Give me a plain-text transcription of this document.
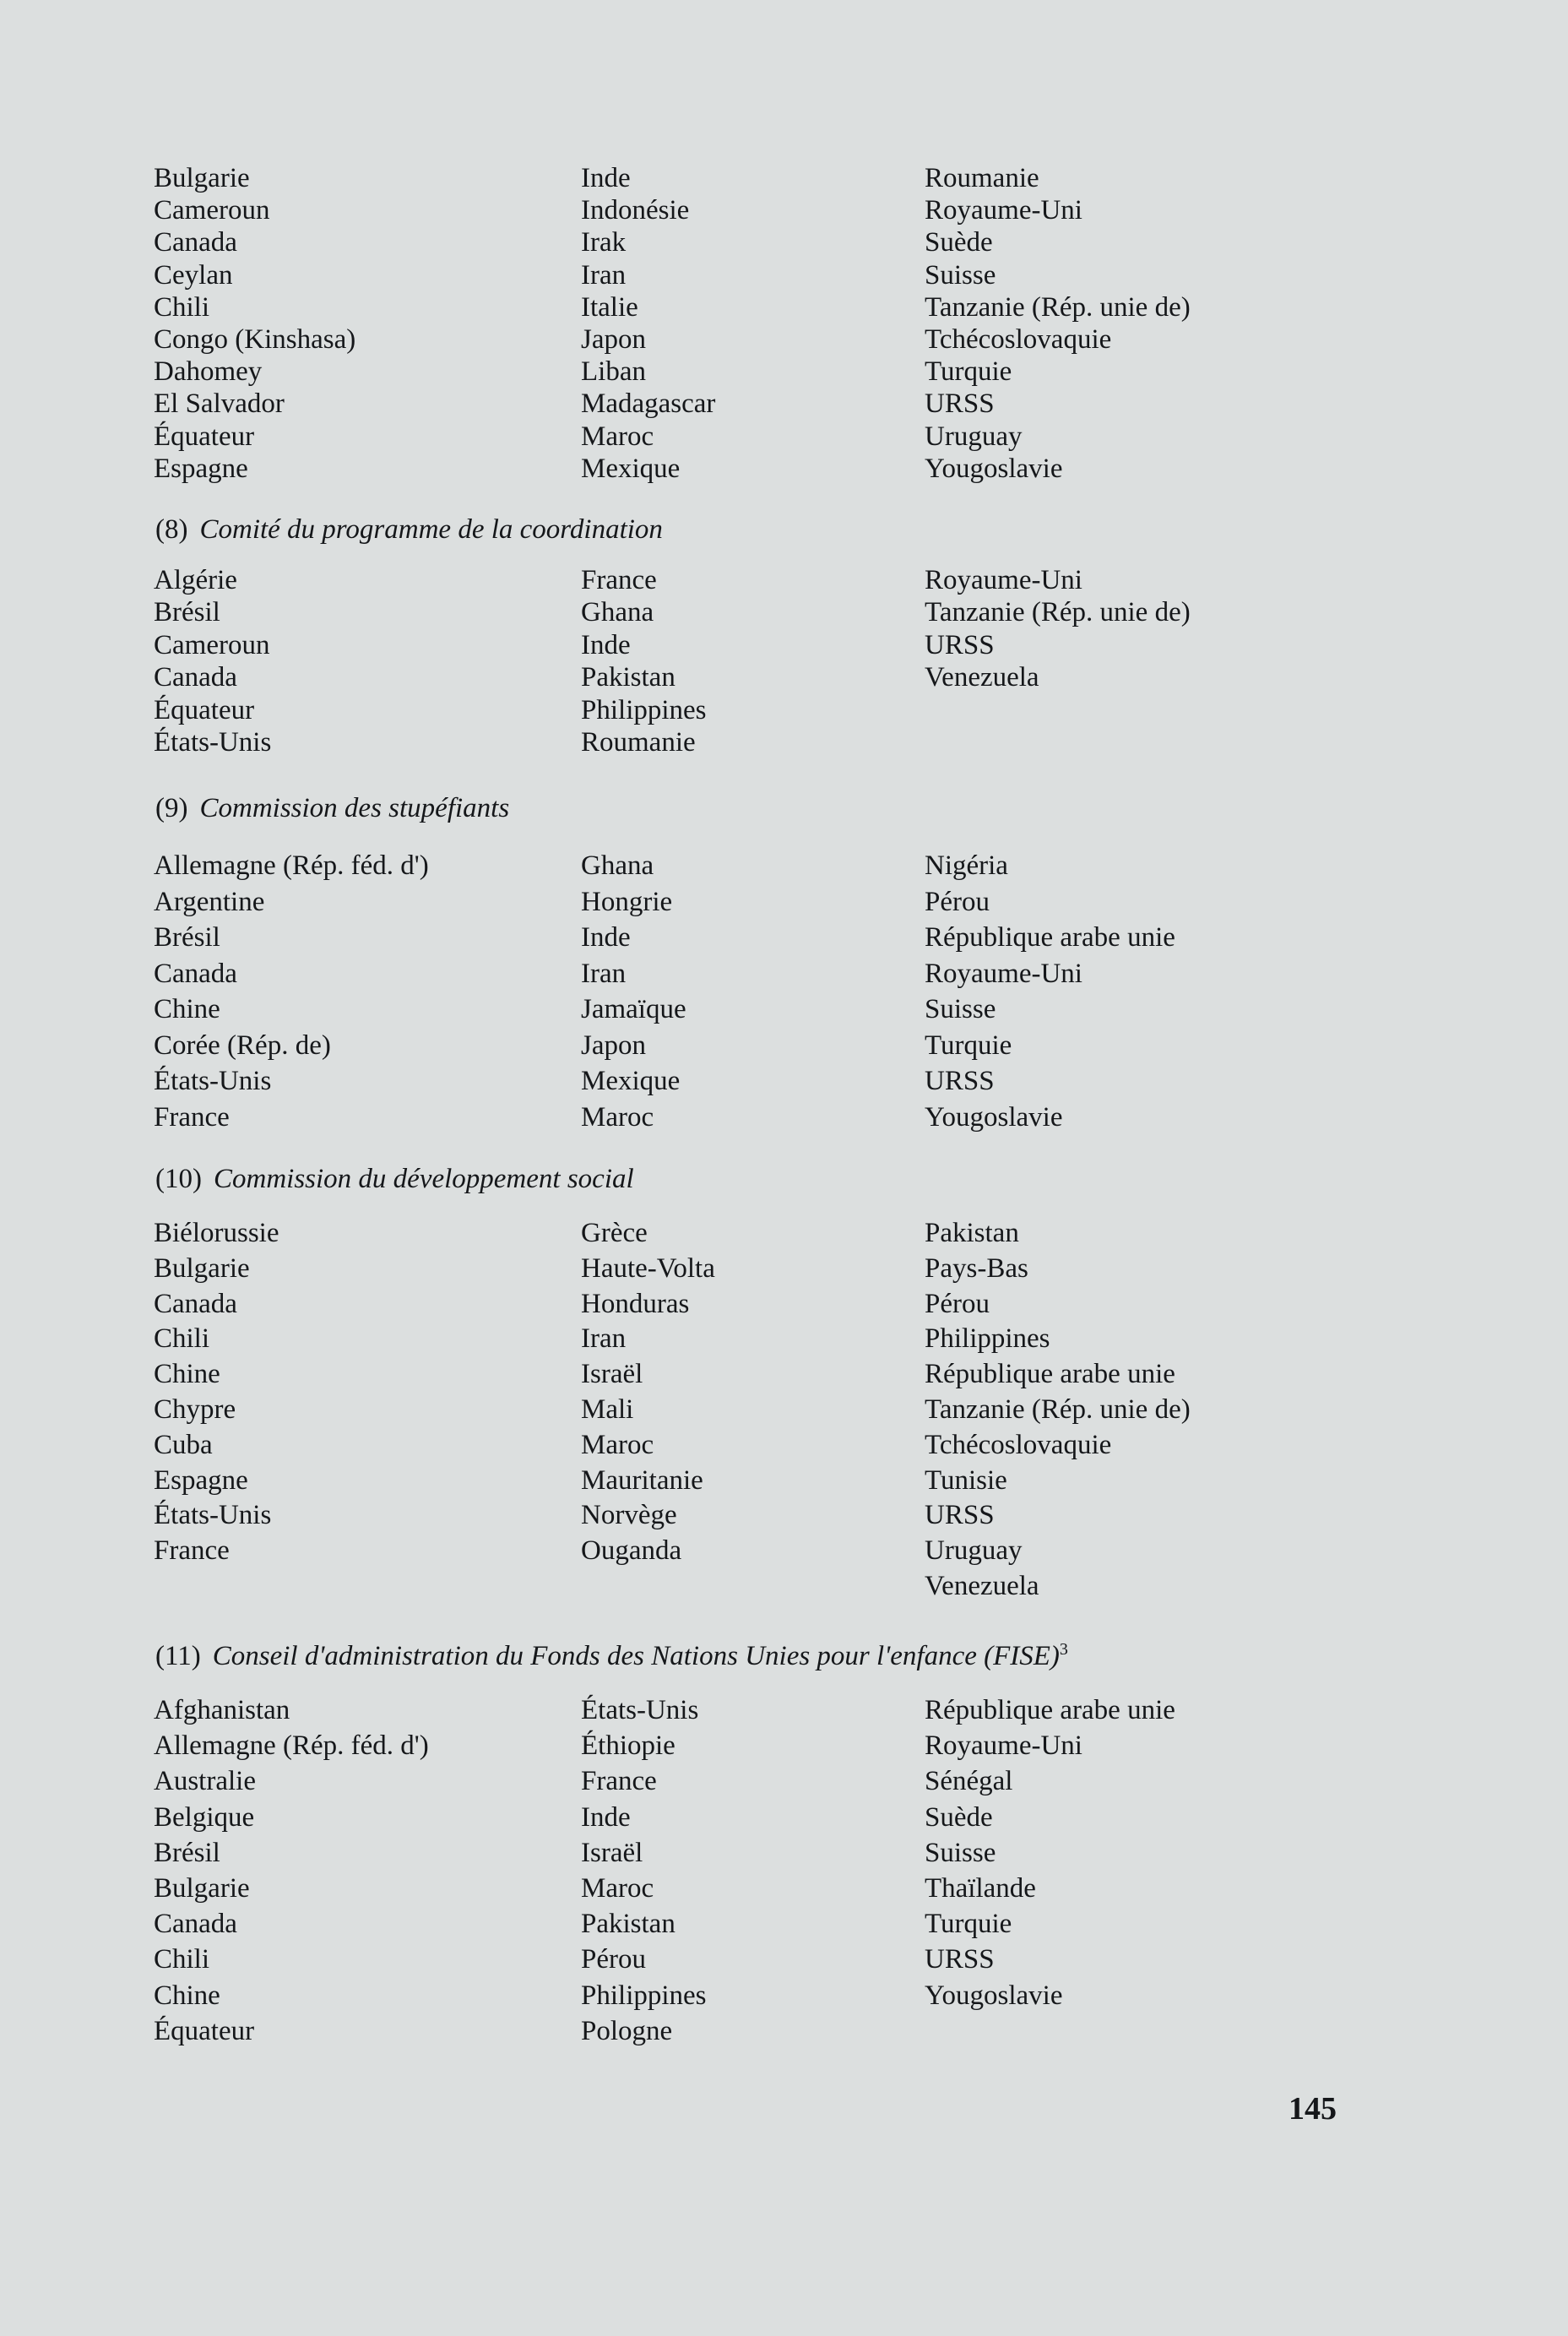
Bulgarie
Cameroun
Canada
Ceylan
Chili
Congo (Kinshasa)
Dahomey
El Salvador
Équateur
Espagne
Inde
Indonésie
Irak
Iran
Italie
Japon
Liban
Madagascar
Maroc
Mexique
Roumanie
Royaume-Uni
Suède
Suisse
Tanzanie (Rép. unie de)
Tchécoslovaquie
Turquie
URSS
Uruguay
Yougoslavie
(8) Comité du programme de la coordination
Algérie
Brésil
Cameroun
Canada
Équateur
États-Unis
France
Ghana
Inde
Pakistan
Philippines
Roumanie
Royaume-Uni
Tanzanie (Rép. unie de)
URSS
Venezuela
(9) Commission des stupéfiants
Allemagne (Rép. féd. d')
Argentine
Brésil
Canada
Chine
Corée (Rép. de)
États-Unis
France
Ghana
Hongrie
Inde
Iran
Jamaïque
Japon
Mexique
Maroc
Nigéria
Pérou
République arabe unie
Royaume-Uni
Suisse
Turquie
URSS
Yougoslavie
(10) Commission du développement social
Biélorussie
Bulgarie
Canada
Chili
Chine
Chypre
Cuba
Espagne
États-Unis
France
Grèce
Haute-Volta
Honduras
Iran
Israël
Mali
Maroc
Mauritanie
Norvège
Ouganda
Pakistan
Pays-Bas
Pérou
Philippines
République arabe unie
Tanzanie (Rép. unie de)
Tchécoslovaquie
Tunisie
URSS
Uruguay
Venezuela
(11) Conseil d'administration du Fonds des Nations Unies pour l'enfance (FISE)$^3$
Afghanistan
Allemagne (Rép. féd. d')
Australie
Belgique
Brésil
Bulgarie
Canada
Chili
Chine
Équateur
États-Unis
Éthiopie
France
Inde
Israël
Maroc
Pakistan
Pérou
Philippines
Pologne
République arabe unie
Royaume-Uni
Sénégal
Suède
Suisse
Thaïlande
Turquie
URSS
Yougoslavie
145
